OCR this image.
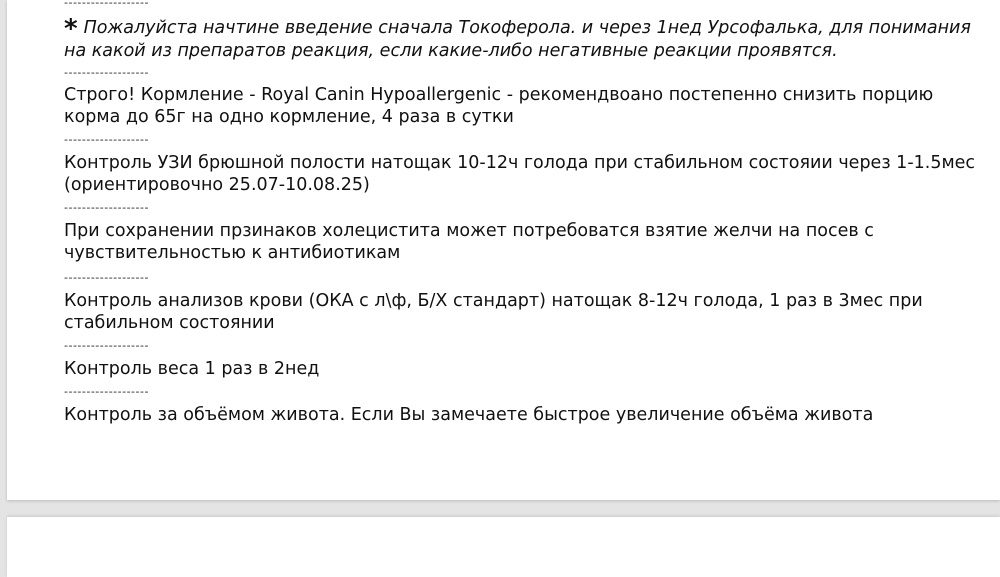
-------------------

* Пожалуйста начтине введение сначала Токоферола. и через 1нед Урсофалька, для понимания на какой из препаратов реакция, если какие-либо негативные реакции проявятся.

-------------------

Строго! Кормление - Royal Canin Hypoallergenic - рекомендвоано постепенно снизить порцию корма до 65г на одно кормление, 4 раза в сутки

-------------------

Контроль УЗИ брюшной полости натощак 10-12ч голода при стабильном состояии через 1-1.5мес (ориентировочно 25.07-10.08.25)

-------------------

При сохранении прзинаков холецистита может потребоватся взятие желчи на посев с чувствительностью к антибиотикам

-------------------

Контроль анализов крови (ОКА с л\ф, Б/Х стандарт) натощак 8-12ч голода, 1 раз в 3мес при стабильном состоянии

-------------------

Контроль веса 1 раз в 2нед

-------------------

Контроль за объёмом живота. Если Вы замечаете быстрое увеличение объёма живота
